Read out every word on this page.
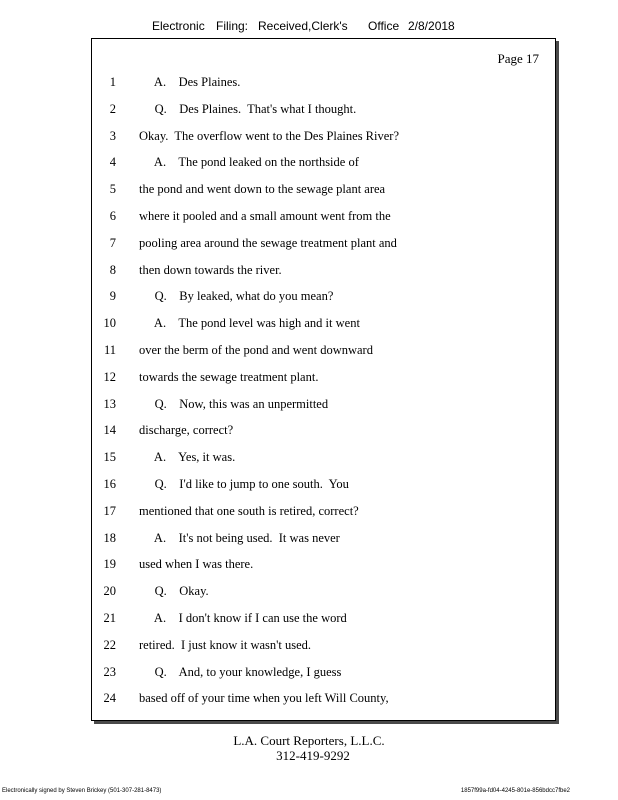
Electronic Filing: Received,Clerk's Office 2/8/2018
Page 17
1 A.    Des Plaines.
2 Q.    Des Plaines.  That's what I thought.
3 Okay.  The overflow went to the Des Plaines River?
4 A.    The pond leaked on the northside of
5 the pond and went down to the sewage plant area
6 where it pooled and a small amount went from the
7 pooling area around the sewage treatment plant and
8 then down towards the river.
9 Q.    By leaked, what do you mean?
10 A.    The pond level was high and it went
11 over the berm of the pond and went downward
12 towards the sewage treatment plant.
13 Q.    Now, this was an unpermitted
14 discharge, correct?
15 A.    Yes, it was.
16 Q.    I'd like to jump to one south.  You
17 mentioned that one south is retired, correct?
18 A.    It's not being used.  It was never
19 used when I was there.
20 Q.    Okay.
21 A.    I don't know if I can use the word
22 retired.  I just know it wasn't used.
23 Q.    And, to your knowledge, I guess
24 based off of your time when you left Will County,
L.A. Court Reporters, L.L.C.
312-419-9292
Electronically signed by Steven Brickey (501-307-281-8473)	1857f99a-fd04-4245-801e-856bdcc7fbe2
